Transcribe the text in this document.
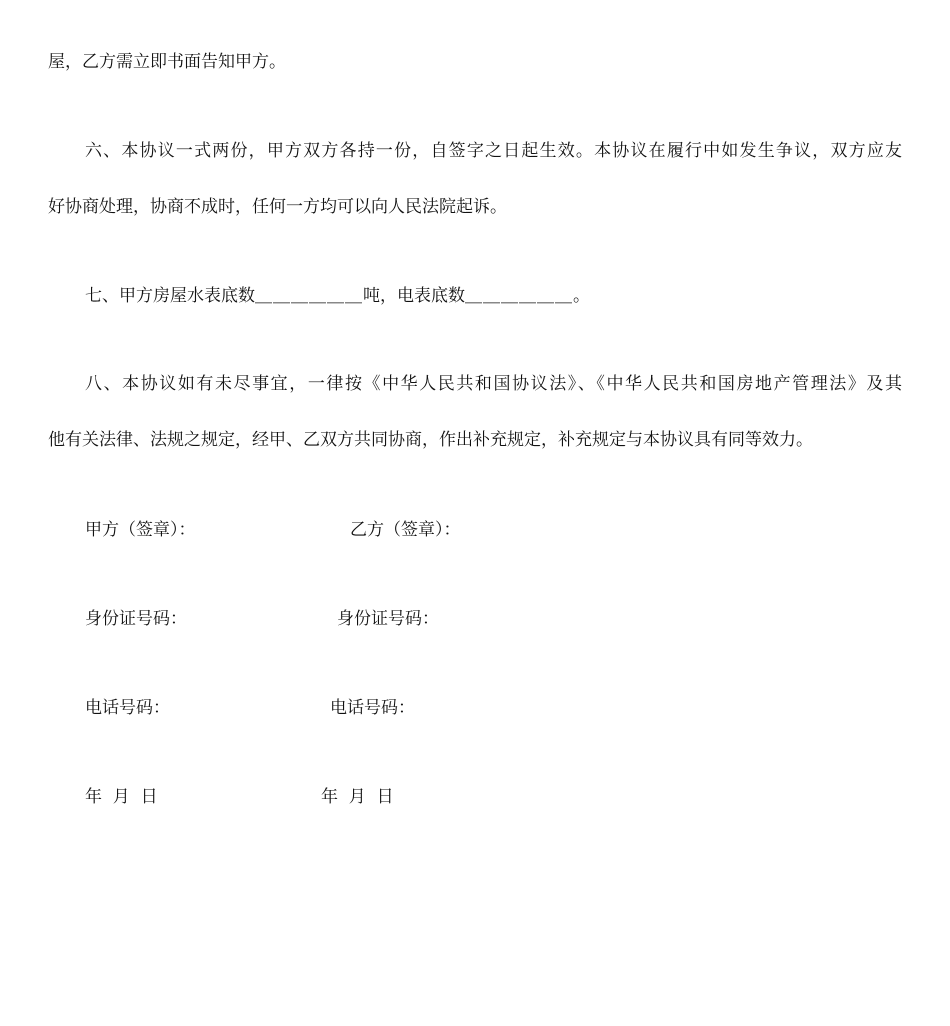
屋，乙方需立即书面告知甲方。
六、本协议一式两份，甲方双方各持一份，自签字之日起生效。本协议在履行中如发生争议，双方应友
好协商处理，协商不成时，任何一方均可以向人民法院起诉。
七、甲方房屋水表底数＿＿＿＿＿＿吨，电表底数＿＿＿＿＿＿。
八、本协议如有未尽事宜，一律按《中华人民共和国协议法》、《中华人民共和国房地产管理法》及其
他有关法律、法规之规定，经甲、乙双方共同协商，作出补充规定，补充规定与本协议具有同等效力。
甲方（签章）：	乙方（签章）：
身份证号码：	身份证号码：
电话号码：	电话号码：
年  月  日	年  月  日
